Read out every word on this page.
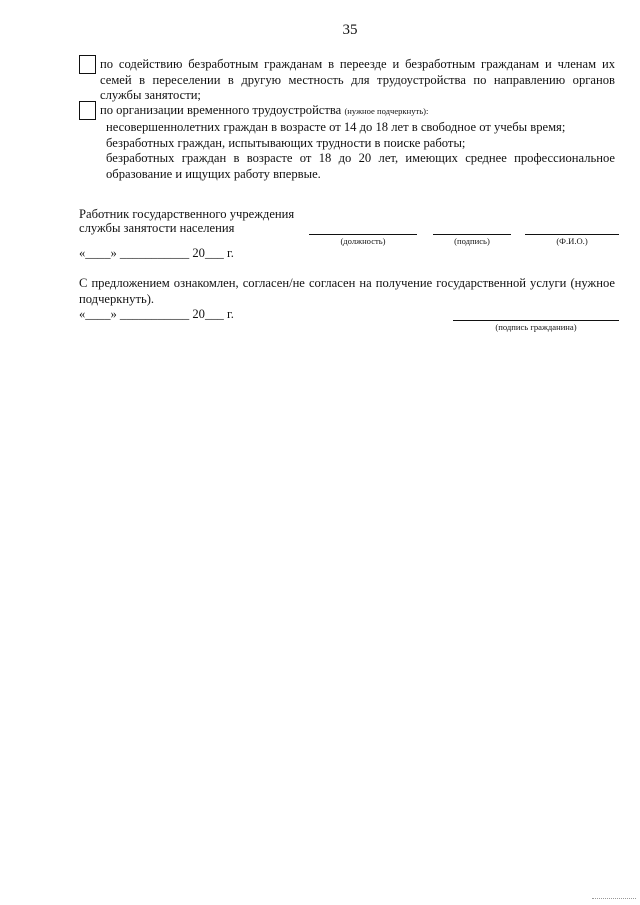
35

по содействию безработным гражданам в переезде и безработным гражданам и членам их семей в переселении в другую местность для трудоустройства по направлению органов службы занятости;

по организации временного трудоустройства (нужное подчеркнуть):

несовершеннолетних граждан в возрасте от 14 до 18 лет в свободное от учебы время;

безработных граждан, испытывающих трудности в поиске работы;

безработных граждан в возрасте от 18 до 20 лет, имеющих среднее профессиональное образование и ищущих работу впервые.

Работник государственного учреждения

службы занятости населения

(должность)	(подпись)	(Ф.И.О.)

«____» ___________ 20___ г.

С предложением ознакомлен, согласен/не согласен на получение государственной услуги (нужное подчеркнуть).

«____» ___________ 20___ г.

(подпись гражданина)
